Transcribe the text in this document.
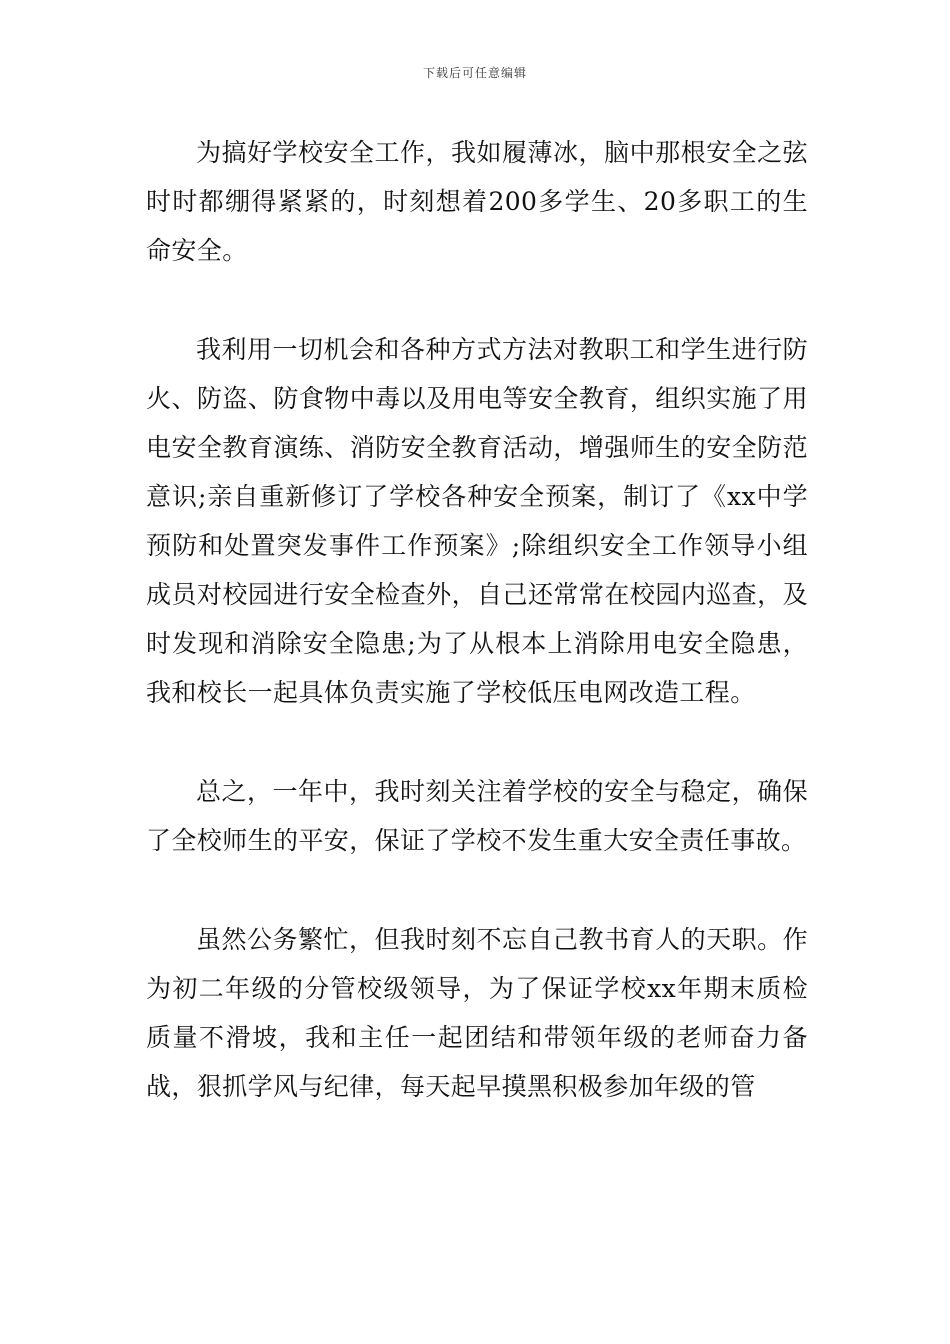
下载后可任意编辑

为搞好学校安全工作，我如履薄冰，脑中那根安全之弦时时都绷得紧紧的，时刻想着200多学生、20多职工的生命安全。

我利用一切机会和各种方式方法对教职工和学生进行防火、防盗、防食物中毒以及用电等安全教育，组织实施了用电安全教育演练、消防安全教育活动，增强师生的安全防范意识;亲自重新修订了学校各种安全预案，制订了《xx中学预防和处置突发事件工作预案》;除组织安全工作领导小组成员对校园进行安全检查外，自己还常常在校园内巡查，及时发现和消除安全隐患;为了从根本上消除用电安全隐患，我和校长一起具体负责实施了学校低压电网改造工程。

总之，一年中，我时刻关注着学校的安全与稳定，确保了全校师生的平安，保证了学校不发生重大安全责任事故。

虽然公务繁忙，但我时刻不忘自己教书育人的天职。作为初二年级的分管校级领导，为了保证学校xx年期末质检质量不滑坡，我和主任一起团结和带领年级的老师奋力备战，狠抓学风与纪律，每天起早摸黑积极参加年级的管
